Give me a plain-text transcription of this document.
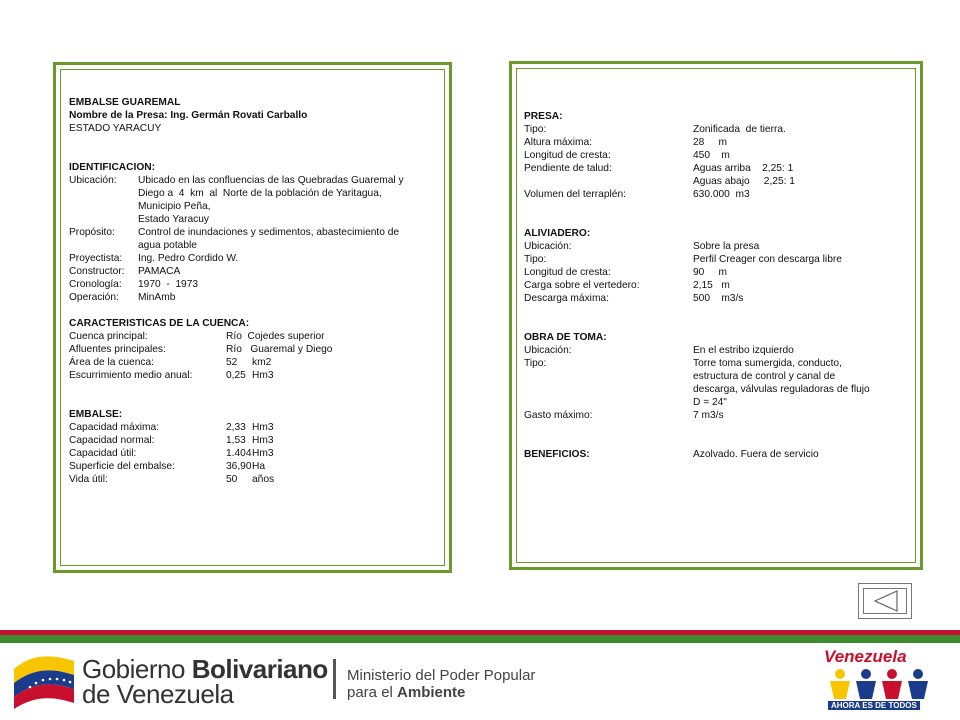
EMBALSE GUAREMAL
Nombre de la Presa: Ing. Germán Rovati Carballo
ESTADO YARACUY
IDENTIFICACION:
Ubicación:	Ubicado en las confluencias de las Quebradas Guaremal y
Diego a  4  km  al  Norte de la población de Yaritagua,
Municipio Peña,
Estado Yaracuy
Propósito:	Control de inundaciones y sedimentos, abastecimiento de
agua potable
Proyectista:	Ing. Pedro Cordido W.
Constructor:	PAMACA
Cronología:	1970  -  1973
Operación:	MinAmb
CARACTERISTICAS DE LA CUENCA:
Cuenca principal:	Río  Cojedes superior
Afluentes principales:	Río   Guaremal y Diego
Área de la cuenca:	52	km2
Escurrimiento medio anual:	0,25 Hm3
EMBALSE:
Capacidad máxima:	2,33 Hm3
Capacidad normal:	1,53 Hm3
Capacidad útil:	1.404 Hm3
Superficie del embalse:	36,90 Ha
Vida útil:	50	años
PRESA:
Tipo:	Zonificada  de tierra.
Altura máxima:	28     m
Longitud de cresta:	450    m
Pendiente de talud:	Aguas arriba    2,25: 1
Aguas abajo     2,25: 1
Volumen del terraplén:	630.000  m3
ALIVIADERO:
Ubicación:	Sobre la presa
Tipo:	Perfil Creager con descarga libre
Longitud de cresta:	90     m
Carga sobre el vertedero:	2,15   m
Descarga máxima:	500    m3/s
OBRA DE TOMA:
Ubicación:	En el estribo izquierdo
Tipo:	Torre toma sumergida, conducto,
estructura de control y canal de
descarga, válvulas reguladoras de flujo
D = 24"
Gasto máximo:	7 m3/s
BENEFICIOS:	Azolvado. Fuera de servicio
Gobierno Bolivariano
de Venezuela
Ministerio del Poder Popular
para el Ambiente
Venezuela
AHORA ES DE TODOS
